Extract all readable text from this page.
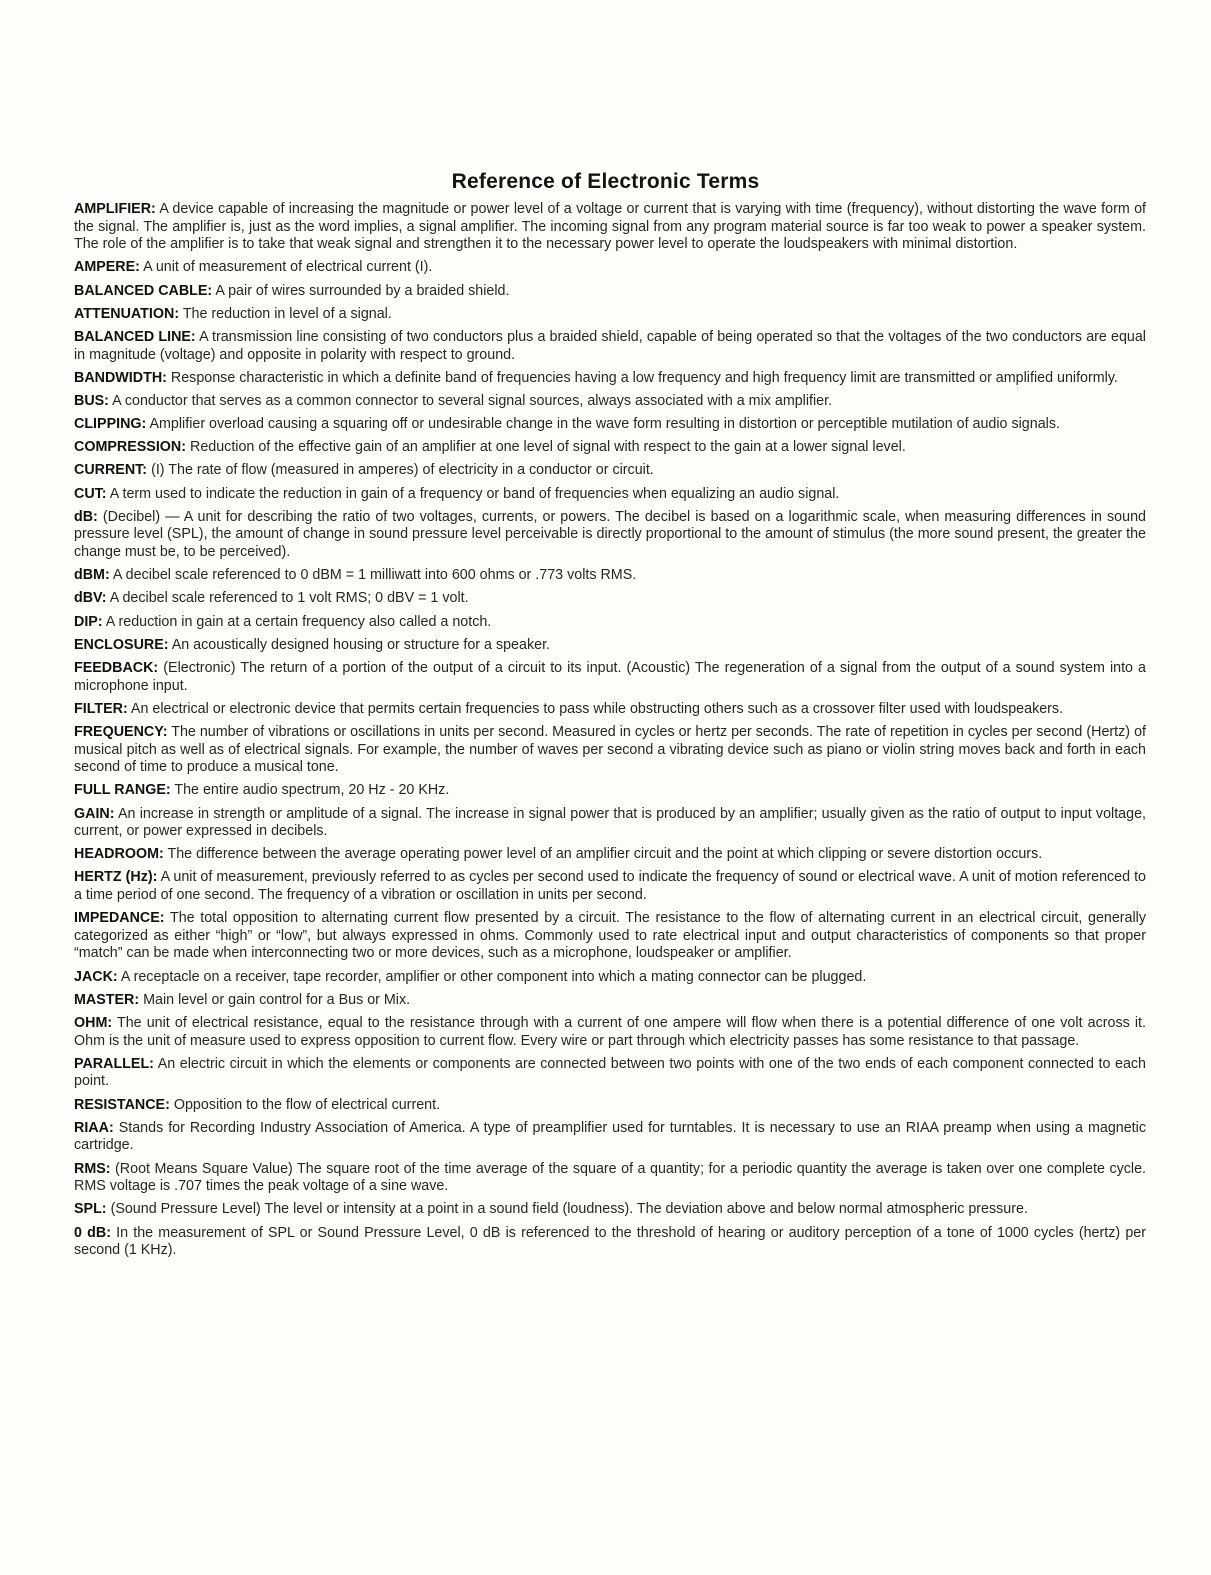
Reference of Electronic Terms

AMPLIFIER: A device capable of increasing the magnitude or power level of a voltage or current that is varying with time (frequency), without distorting the wave form of the signal. The amplifier is, just as the word implies, a signal amplifier. The incoming signal from any program material source is far too weak to power a speaker system. The role of the amplifier is to take that weak signal and strengthen it to the necessary power level to operate the loudspeakers with minimal distortion.

AMPERE: A unit of measurement of electrical current (I).

BALANCED CABLE: A pair of wires surrounded by a braided shield.

ATTENUATION: The reduction in level of a signal.

BALANCED LINE: A transmission line consisting of two conductors plus a braided shield, capable of being operated so that the voltages of the two conductors are equal in magnitude (voltage) and opposite in polarity with respect to ground.

BANDWIDTH: Response characteristic in which a definite band of frequencies having a low frequency and high frequency limit are transmitted or amplified uniformly.

BUS: A conductor that serves as a common connector to several signal sources, always associated with a mix amplifier.

CLIPPING: Amplifier overload causing a squaring off or undesirable change in the wave form resulting in distortion or perceptible mutilation of audio signals.

COMPRESSION: Reduction of the effective gain of an amplifier at one level of signal with respect to the gain at a lower signal level.

CURRENT: (I) The rate of flow (measured in amperes) of electricity in a conductor or circuit.

CUT: A term used to indicate the reduction in gain of a frequency or band of frequencies when equalizing an audio signal.

dB: (Decibel) — A unit for describing the ratio of two voltages, currents, or powers. The decibel is based on a logarithmic scale, when measuring differences in sound pressure level (SPL), the amount of change in sound pressure level perceivable is directly proportional to the amount of stimulus (the more sound present, the greater the change must be, to be perceived).

dBM: A decibel scale referenced to 0 dBM = 1 milliwatt into 600 ohms or .773 volts RMS.

dBV: A decibel scale referenced to 1 volt RMS; 0 dBV = 1 volt.

DIP: A reduction in gain at a certain frequency also called a notch.

ENCLOSURE: An acoustically designed housing or structure for a speaker.

FEEDBACK: (Electronic) The return of a portion of the output of a circuit to its input. (Acoustic) The regeneration of a signal from the output of a sound system into a microphone input.

FILTER: An electrical or electronic device that permits certain frequencies to pass while obstructing others such as a crossover filter used with loudspeakers.

FREQUENCY: The number of vibrations or oscillations in units per second. Measured in cycles or hertz per seconds. The rate of repetition in cycles per second (Hertz) of musical pitch as well as of electrical signals. For example, the number of waves per second a vibrating device such as piano or violin string moves back and forth in each second of time to produce a musical tone.

FULL RANGE: The entire audio spectrum, 20 Hz - 20 KHz.

GAIN: An increase in strength or amplitude of a signal. The increase in signal power that is produced by an amplifier; usually given as the ratio of output to input voltage, current, or power expressed in decibels.

HEADROOM: The difference between the average operating power level of an amplifier circuit and the point at which clipping or severe distortion occurs.

HERTZ (Hz): A unit of measurement, previously referred to as cycles per second used to indicate the frequency of sound or electrical wave. A unit of motion referenced to a time period of one second. The frequency of a vibration or oscillation in units per second.

IMPEDANCE: The total opposition to alternating current flow presented by a circuit. The resistance to the flow of alternating current in an electrical circuit, generally categorized as either “high” or “low”, but always expressed in ohms. Commonly used to rate electrical input and output characteristics of components so that proper “match” can be made when interconnecting two or more devices, such as a microphone, loudspeaker or amplifier.

JACK: A receptacle on a receiver, tape recorder, amplifier or other component into which a mating connector can be plugged.

MASTER: Main level or gain control for a Bus or Mix.

OHM: The unit of electrical resistance, equal to the resistance through with a current of one ampere will flow when there is a potential difference of one volt across it. Ohm is the unit of measure used to express opposition to current flow. Every wire or part through which electricity passes has some resistance to that passage.

PARALLEL: An electric circuit in which the elements or components are connected between two points with one of the two ends of each component connected to each point.

RESISTANCE: Opposition to the flow of electrical current.

RIAA: Stands for Recording Industry Association of America. A type of preamplifier used for turntables. It is necessary to use an RIAA preamp when using a magnetic cartridge.

RMS: (Root Means Square Value) The square root of the time average of the square of a quantity; for a periodic quantity the average is taken over one complete cycle. RMS voltage is .707 times the peak voltage of a sine wave.

SPL: (Sound Pressure Level) The level or intensity at a point in a sound field (loudness). The deviation above and below normal atmospheric pressure.

0 dB: In the measurement of SPL or Sound Pressure Level, 0 dB is referenced to the threshold of hearing or auditory perception of a tone of 1000 cycles (hertz) per second (1 KHz).
